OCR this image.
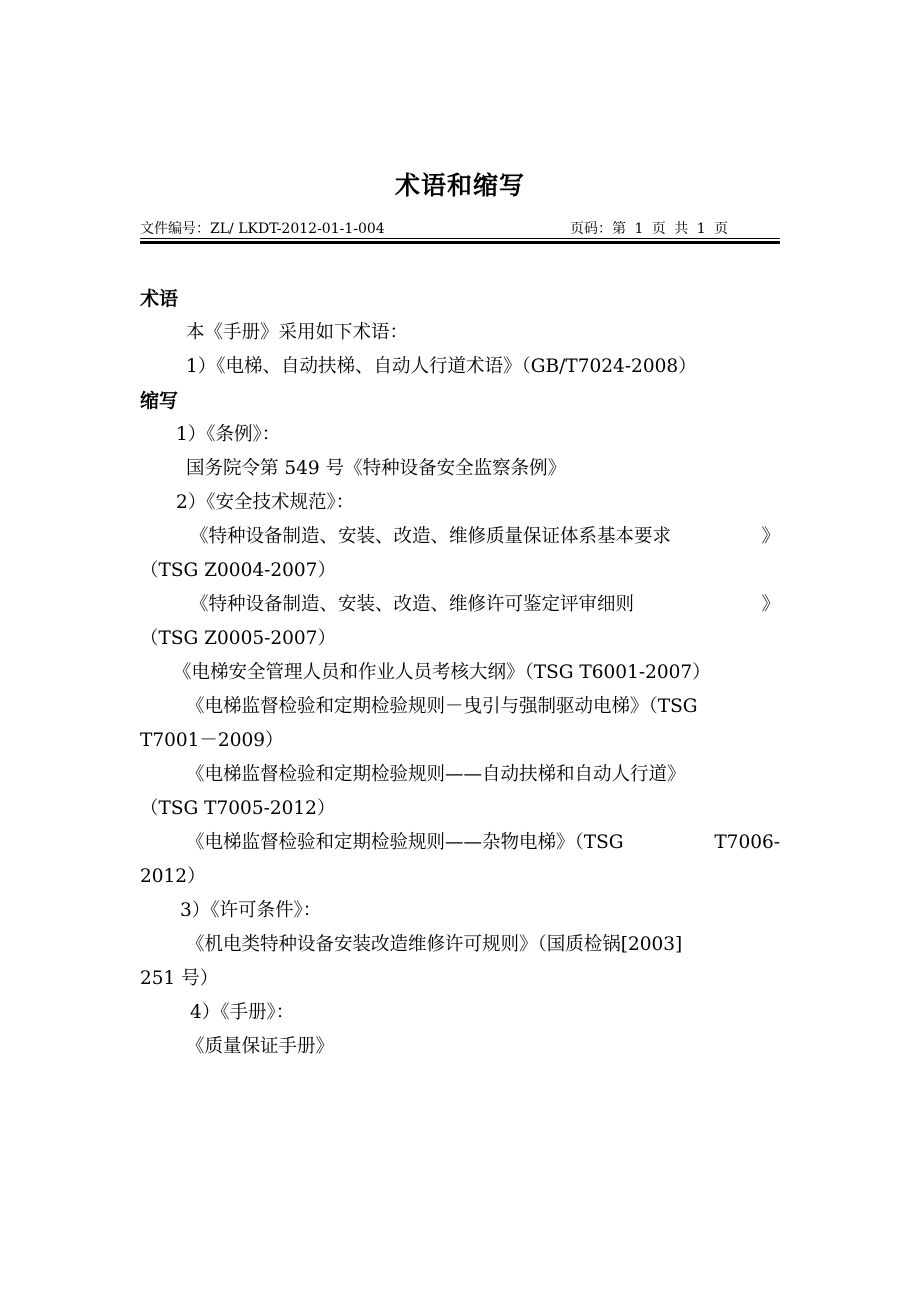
术语和缩写
文件编号：ZL/ LKDT-2012-01-1-004	页码：第 1 页 共 1 页
术语
本《手册》采用如下术语：
1）《电梯、自动扶梯、自动人行道术语》（GB/T7024-2008）
缩写
1）《条例》：
国务院令第 549 号《特种设备安全监察条例》
2）《安全技术规范》：
《特种设备制造、安装、改造、维修质量保证体系基本要求	》
（TSG Z0004-2007）
《特种设备制造、安装、改造、维修许可鉴定评审细则	》
（TSG Z0005-2007）
《电梯安全管理人员和作业人员考核大纲》（TSG T6001-2007）
《电梯监督检验和定期检验规则－曳引与强制驱动电梯》（TSG
T7001－2009）
《电梯监督检验和定期检验规则——自动扶梯和自动人行道》
（TSG T7005-2012）
《电梯监督检验和定期检验规则——杂物电梯》（TSG	T7006-
2012）
3）《许可条件》：
《机电类特种设备安装改造维修许可规则》（国质检锅[2003]
251 号）
4）《手册》：
《质量保证手册》
